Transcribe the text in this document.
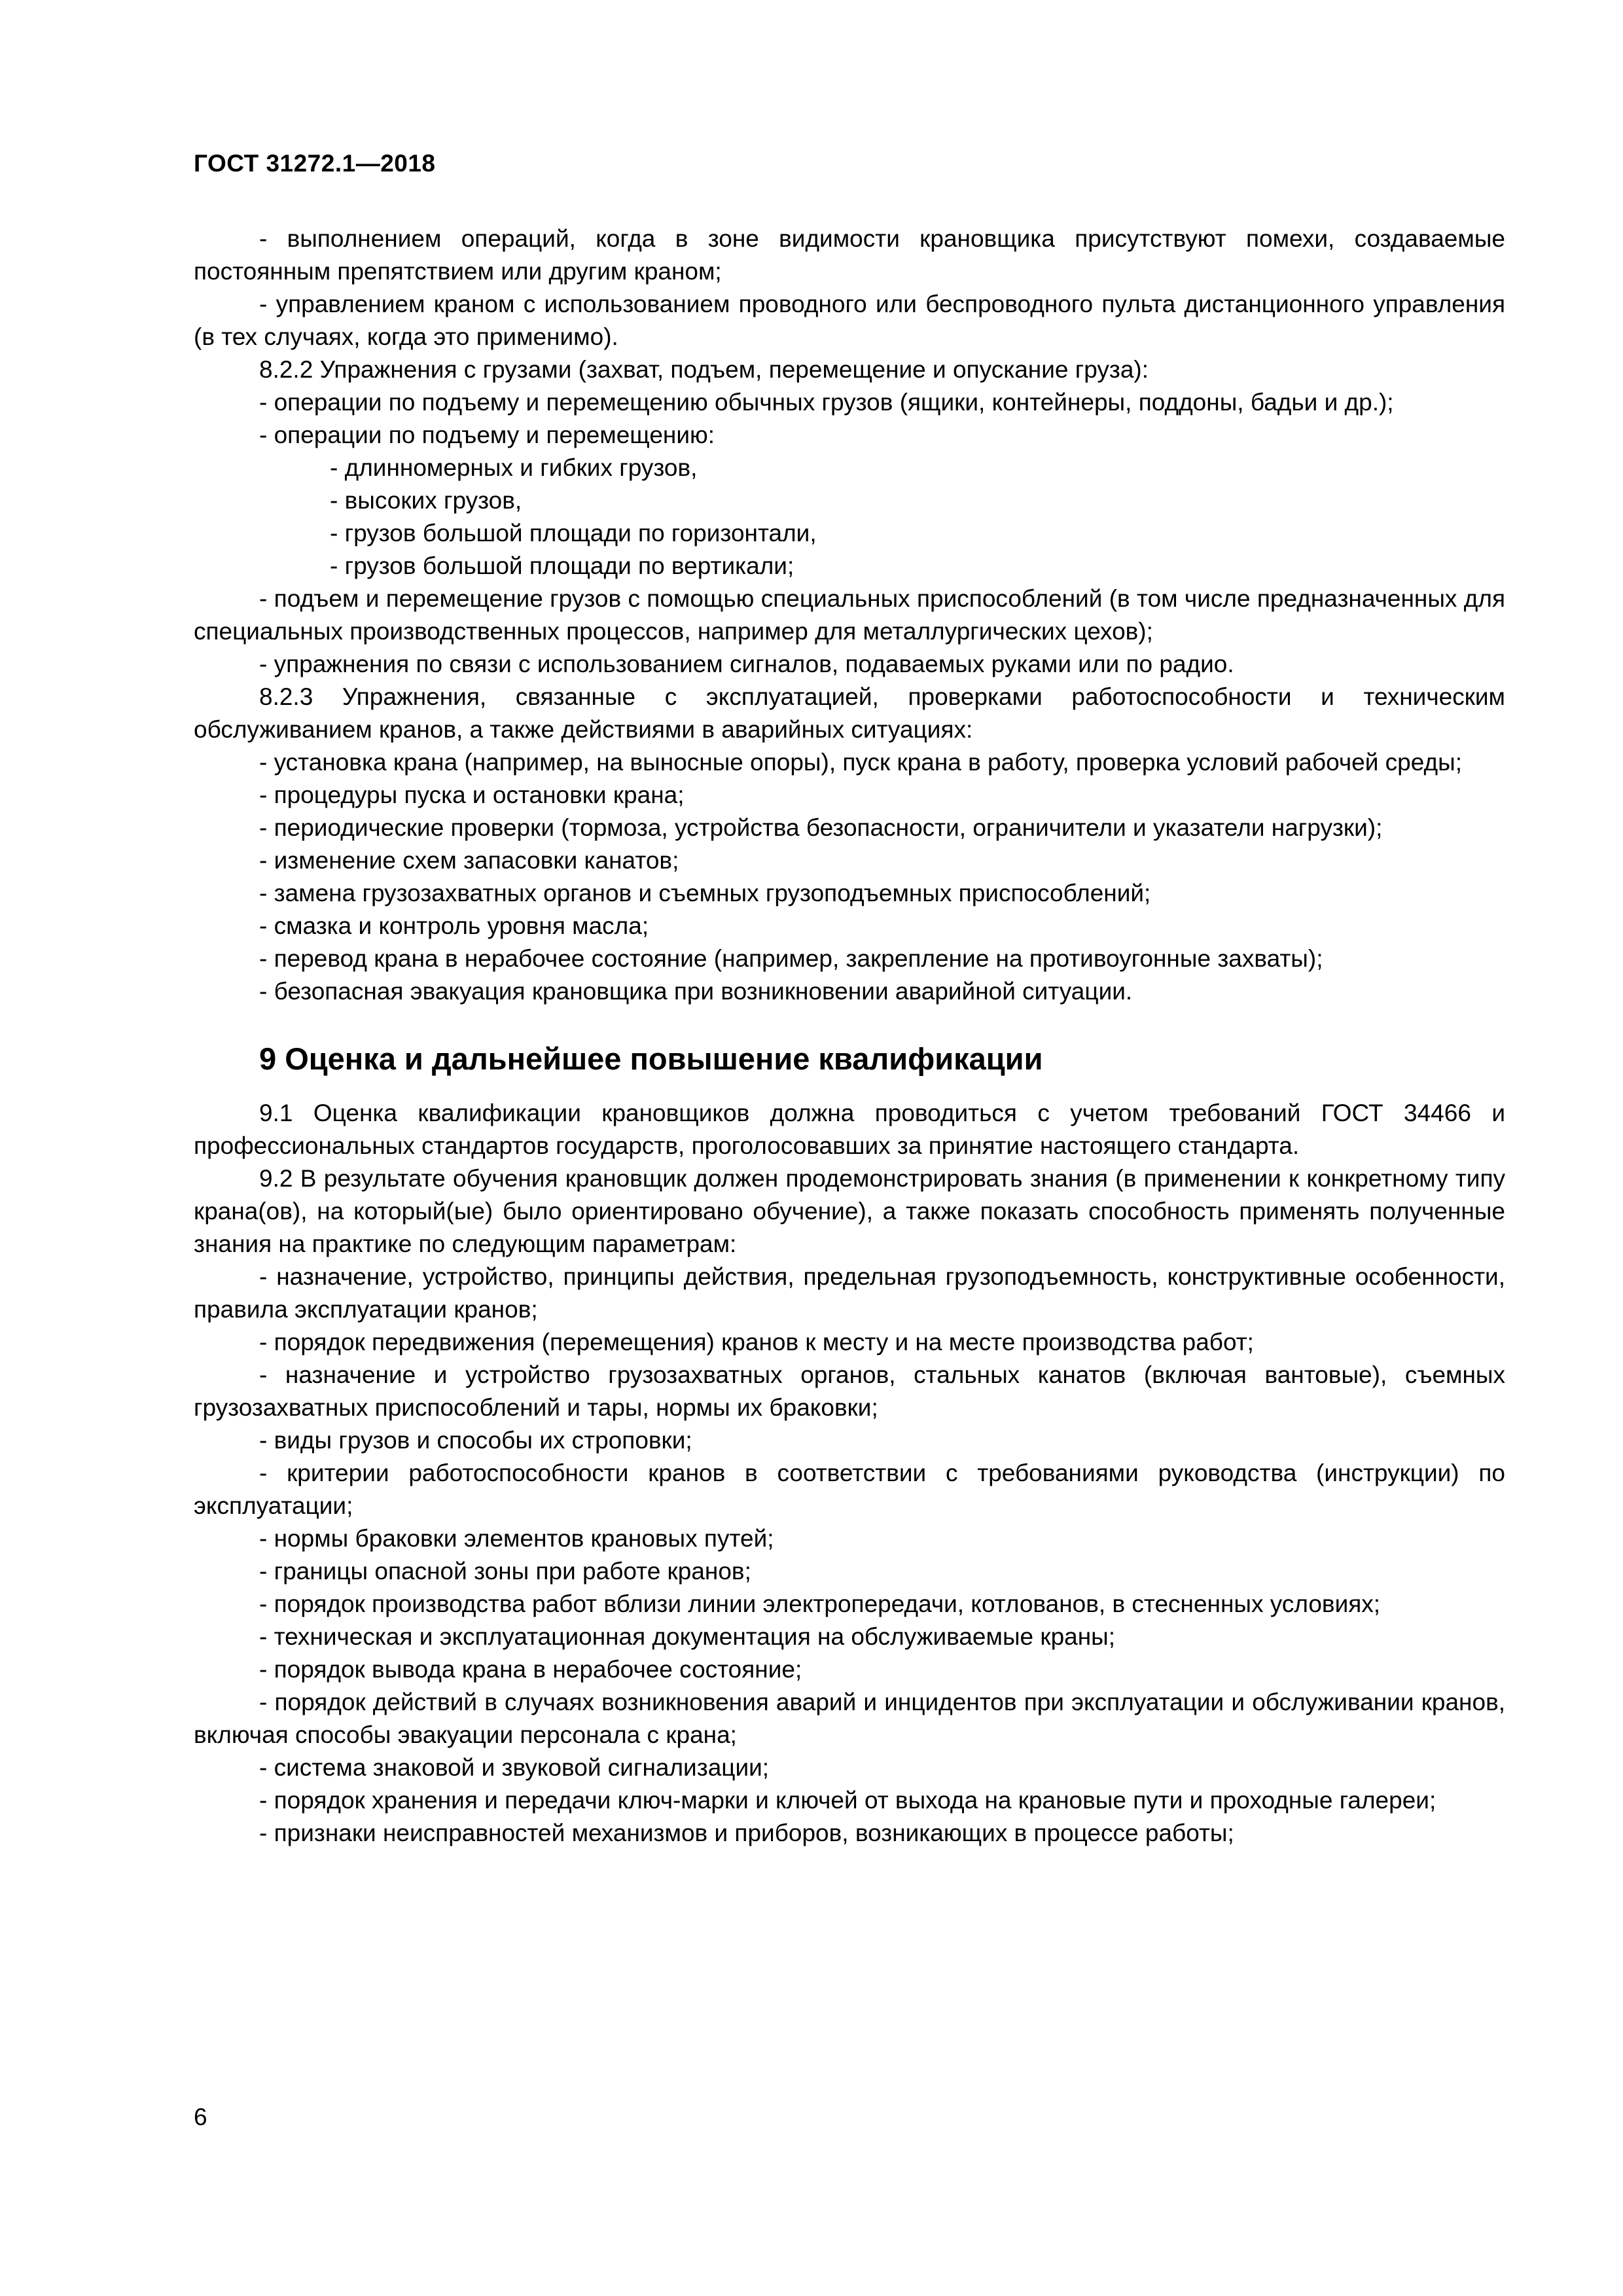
ГОСТ 31272.1—2018

- выполнением операций, когда в зоне видимости крановщика присутствуют помехи, создаваемые постоянным препятствием или другим краном;

- управлением краном с использованием проводного или беспроводного пульта дистанционного управления (в тех случаях, когда это применимо).

8.2.2 Упражнения с грузами (захват, подъем, перемещение и опускание груза):

- операции по подъему и перемещению обычных грузов (ящики, контейнеры, поддоны, бадьи и др.);

- операции по подъему и перемещению:

- длинномерных и гибких грузов,

- высоких грузов,

- грузов большой площади по горизонтали,

- грузов большой площади по вертикали;

- подъем и перемещение грузов с помощью специальных приспособлений (в том числе предназначенных для специальных производственных процессов, например для металлургических цехов);

- упражнения по связи с использованием сигналов, подаваемых руками или по радио.

8.2.3 Упражнения, связанные с эксплуатацией, проверками работоспособности и техническим обслуживанием кранов, а также действиями в аварийных ситуациях:

- установка крана (например, на выносные опоры), пуск крана в работу, проверка условий рабочей среды;

- процедуры пуска и остановки крана;

- периодические проверки (тормоза, устройства безопасности, ограничители и указатели нагрузки);

- изменение схем запасовки канатов;

- замена грузозахватных органов и съемных грузоподъемных приспособлений;

- смазка и контроль уровня масла;

- перевод крана в нерабочее состояние (например, закрепление на противоугонные захваты);

- безопасная эвакуация крановщика при возникновении аварийной ситуации.

9 Оценка и дальнейшее повышение квалификации

9.1 Оценка квалификации крановщиков должна проводиться с учетом требований ГОСТ 34466 и профессиональных стандартов государств, проголосовавших за принятие настоящего стандарта.

9.2 В результате обучения крановщик должен продемонстрировать знания (в применении к конкретному типу крана(ов), на который(ые) было ориентировано обучение), а также показать способность применять полученные знания на практике по следующим параметрам:

- назначение, устройство, принципы действия, предельная грузоподъемность, конструктивные особенности, правила эксплуатации кранов;

- порядок передвижения (перемещения) кранов к месту и на месте производства работ;

- назначение и устройство грузозахватных органов, стальных канатов (включая вантовые), съемных грузозахватных приспособлений и тары, нормы их браковки;

- виды грузов и способы их строповки;

- критерии работоспособности кранов в соответствии с требованиями руководства (инструкции) по эксплуатации;

- нормы браковки элементов крановых путей;

- границы опасной зоны при работе кранов;

- порядок производства работ вблизи линии электропередачи, котлованов, в стесненных условиях;

- техническая и эксплуатационная документация на обслуживаемые краны;

- порядок вывода крана в нерабочее состояние;

- порядок действий в случаях возникновения аварий и инцидентов при эксплуатации и обслуживании кранов, включая способы эвакуации персонала с крана;

- система знаковой и звуковой сигнализации;

- порядок хранения и передачи ключ-марки и ключей от выхода на крановые пути и проходные галереи;

- признаки неисправностей механизмов и приборов, возникающих в процессе работы;

6
